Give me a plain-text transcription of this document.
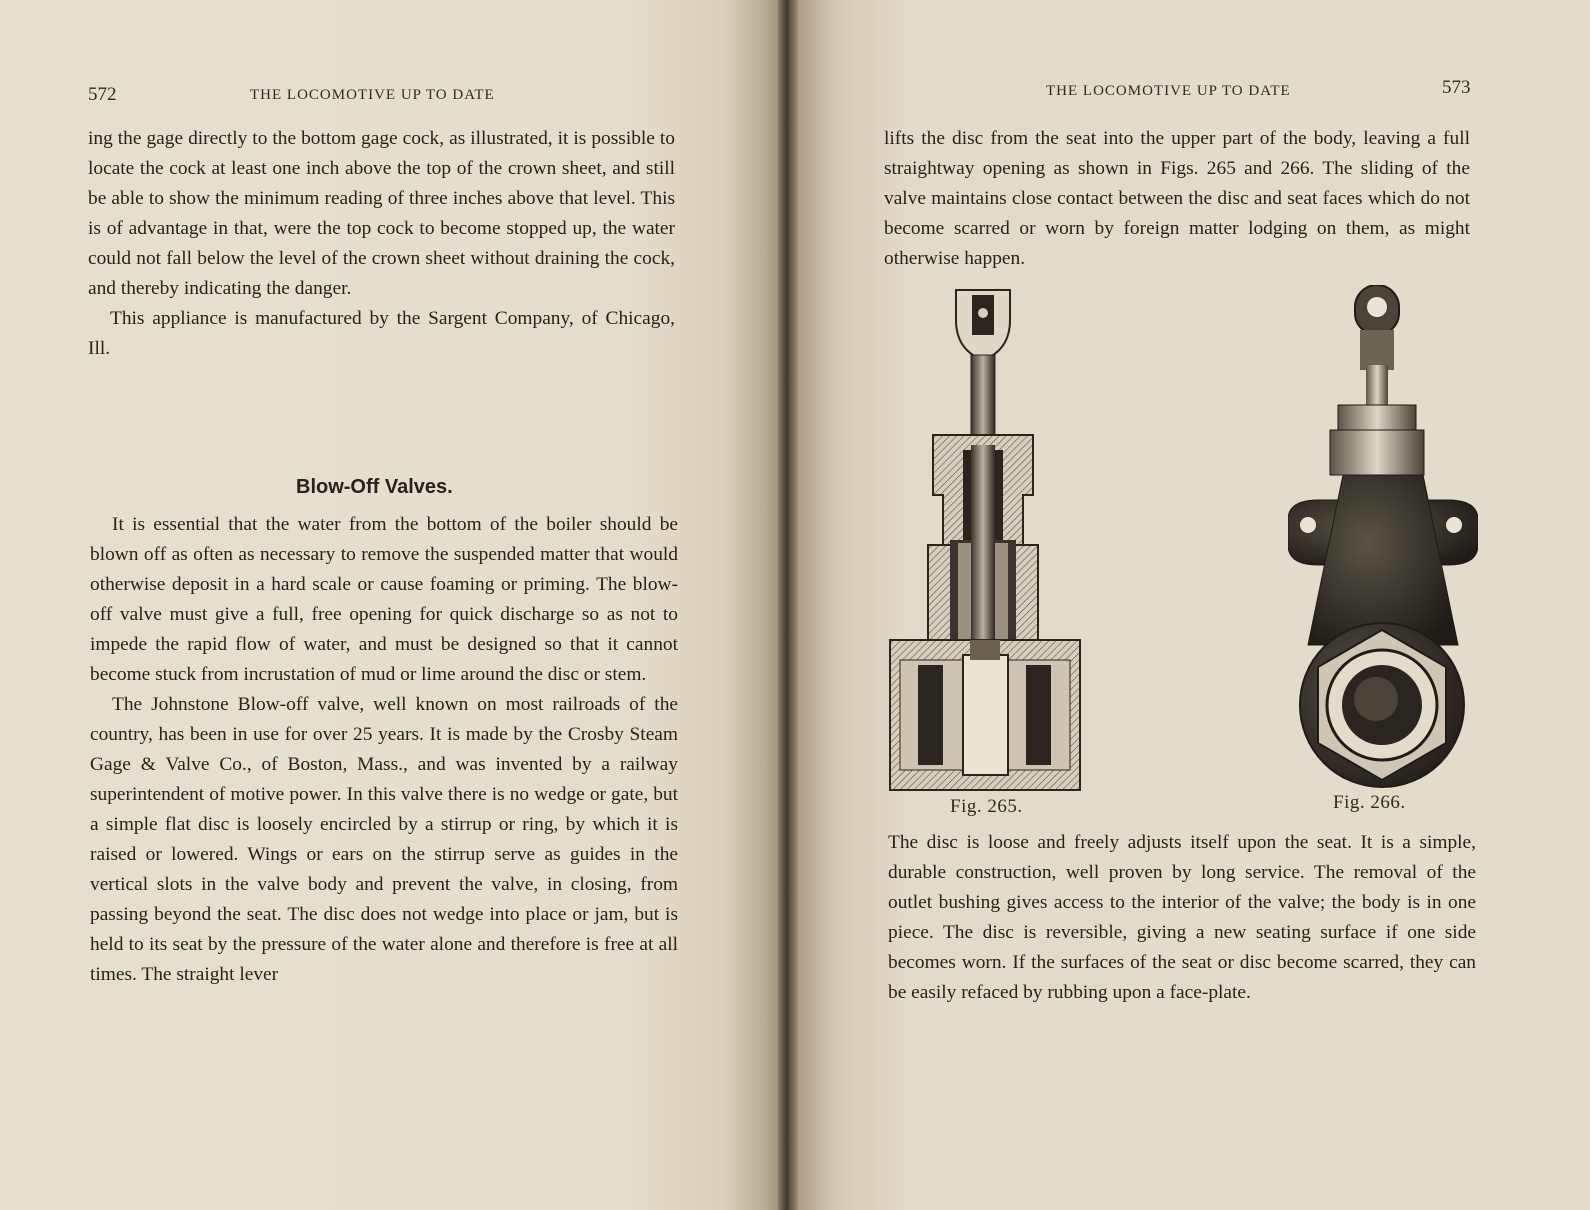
572	THE LOCOMOTIVE UP TO DATE

ing the gage directly to the bottom gage cock, as illustrated, it is possible to locate the cock at least one inch above the top of the crown sheet, and still be able to show the minimum reading of three inches above that level. This is of advantage in that, were the top cock to become stopped up, the water could not fall below the level of the crown sheet without draining the cock, and thereby indicating the danger.

This appliance is manufactured by the Sargent Company, of Chicago, Ill.

Blow-Off Valves.

It is essential that the water from the bottom of the boiler should be blown off as often as necessary to remove the suspended matter that would otherwise deposit in a hard scale or cause foaming or priming. The blow-off valve must give a full, free opening for quick discharge so as not to impede the rapid flow of water, and must be designed so that it cannot become stuck from incrustation of mud or lime around the disc or stem.

The Johnstone Blow-off valve, well known on most railroads of the country, has been in use for over 25 years. It is made by the Crosby Steam Gage & Valve Co., of Boston, Mass., and was invented by a railway superintendent of motive power. In this valve there is no wedge or gate, but a simple flat disc is loosely encircled by a stirrup or ring, by which it is raised or lowered. Wings or ears on the stirrup serve as guides in the vertical slots in the valve body and prevent the valve, in closing, from passing beyond the seat. The disc does not wedge into place or jam, but is held to its seat by the pressure of the water alone and therefore is free at all times. The straight lever

THE LOCOMOTIVE UP TO DATE	573

lifts the disc from the seat into the upper part of the body, leaving a full straightway opening as shown in Figs. 265 and 266. The sliding of the valve maintains close contact between the disc and seat faces which do not become scarred or worn by foreign matter lodging on them, as might otherwise happen.

Fig. 265.	Fig. 266.

The disc is loose and freely adjusts itself upon the seat. It is a simple, durable construction, well proven by long service. The removal of the outlet bushing gives access to the interior of the valve; the body is in one piece. The disc is reversible, giving a new seating surface if one side becomes worn. If the surfaces of the seat or disc become scarred, they can be easily refaced by rubbing upon a face-plate.
